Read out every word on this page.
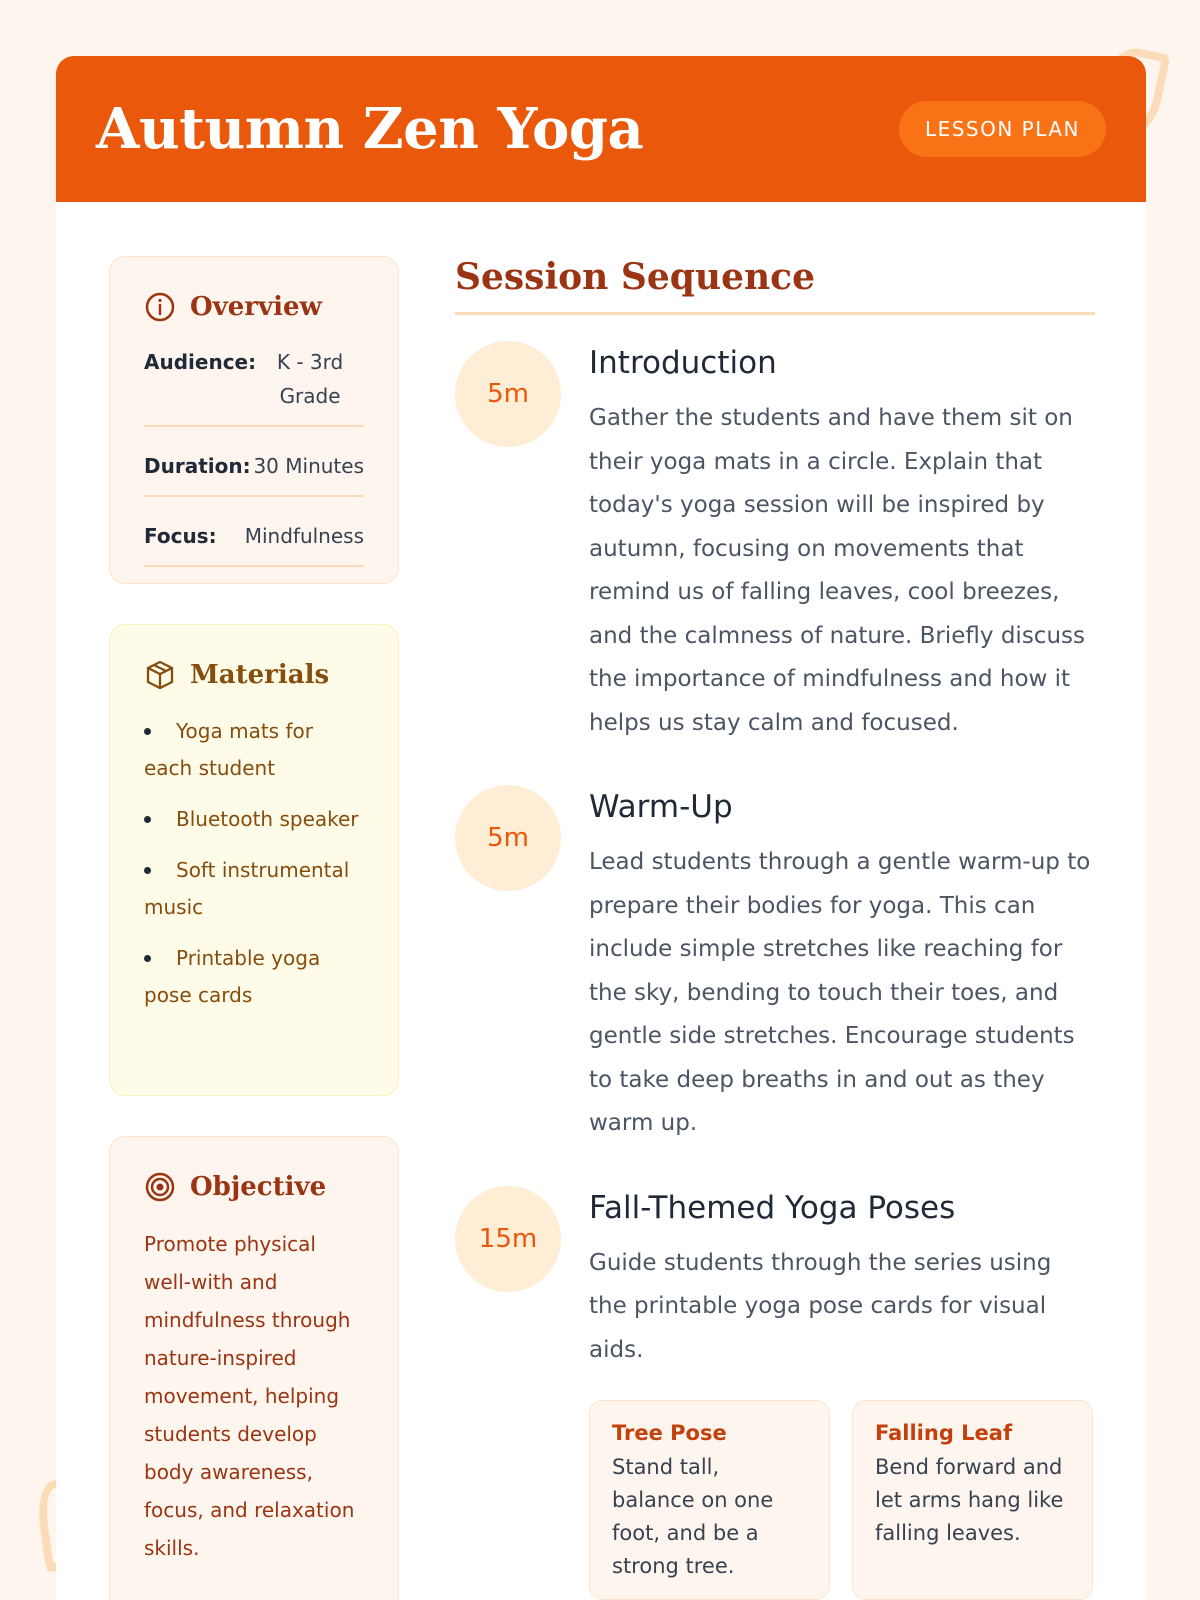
Autumn Zen Yoga	LESSON PLAN
Overview
Audience:	K - 3rd Grade
Duration: 30 Minutes
Focus: Mindfulness
Materials
Yoga mats for each student
Bluetooth speaker
Soft instrumental music
Printable yoga pose cards
Objective

Promote physical well-with and mindfulness through nature-inspired movement, helping students develop body awareness, focus, and relaxation skills.

Session Sequence
5m
Introduction

Gather the students and have them sit on their yoga mats in a circle. Explain that today's yoga session will be inspired by autumn, focusing on movements that remind us of falling leaves, cool breezes, and the calmness of nature. Briefly discuss the importance of mindfulness and how it helps us stay calm and focused.

5m
Warm-Up

Lead students through a gentle warm-up to prepare their bodies for yoga. This can include simple stretches like reaching for the sky, bending to touch their toes, and gentle side stretches. Encourage students to take deep breaths in and out as they warm up.

15m
Fall-Themed Yoga Poses

Guide students through the series using the printable yoga pose cards for visual aids.

Tree Pose
Stand tall, balance on one foot, and be a strong tree.
Falling Leaf
Bend forward and let arms hang like falling leaves.
